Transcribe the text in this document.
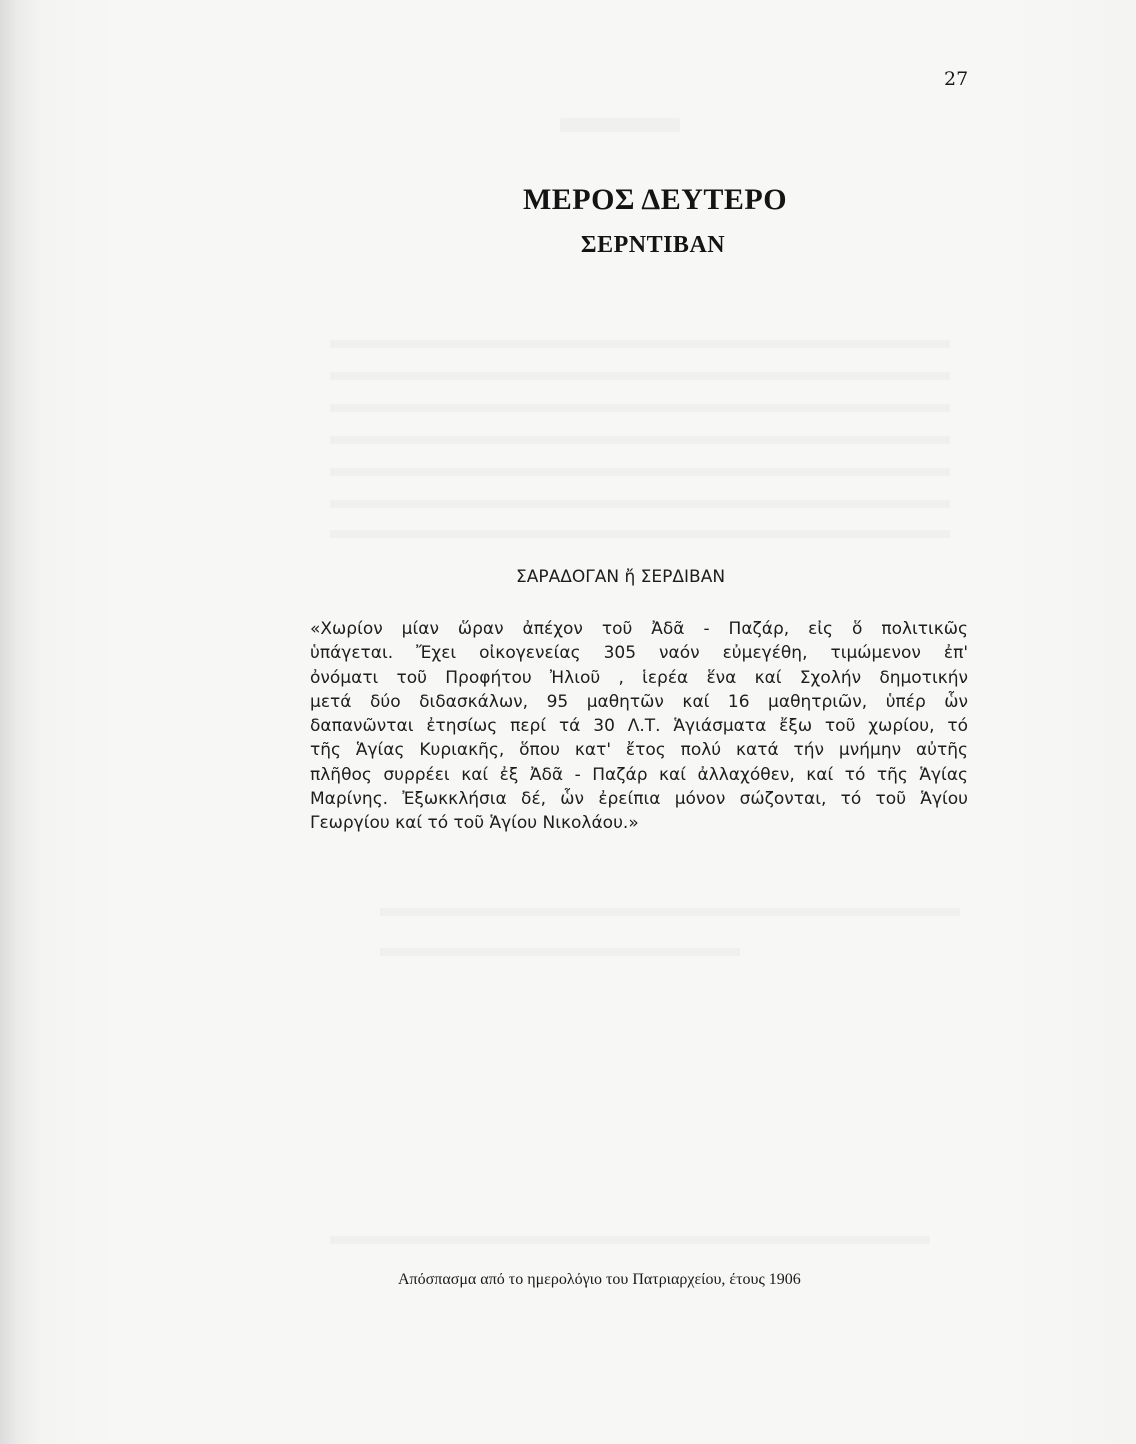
27
ΜΕΡΟΣ ΔΕΥΤΕΡΟ
ΣΕΡΝΤΙΒΑΝ
ΣΑΡΑΔΟΓΑΝ ἤ ΣΕΡΔΙΒΑΝ
«Χωρίον μίαν ὥραν ἀπέχον τοῦ Ἀδᾶ - Παζάρ, εἰς ὅ πολιτικῶς
ὑπάγεται. Ἔχει οἰκογενείας 305 ναόν εὐμεγέθη, τιμώμενον ἐπ'
ὀνόματι τοῦ Προφήτου Ἠλιοῦ , ἱερέα ἕνα καί Σχολήν δημοτικήν
μετά δύο διδασκάλων, 95 μαθητῶν καί 16 μαθητριῶν, ὑπέρ ὧν
δαπανῶνται ἐτησίως περί τά 30 Λ.Τ. Ἁγιάσματα ἔξω τοῦ χωρίου, τό
τῆς Ἁγίας Κυριακῆς, ὅπου κατ' ἔτος πολύ κατά τήν μνήμην αὐτῆς
πλῆθος συρρέει καί ἐξ Ἀδᾶ - Παζάρ καί ἀλλαχόθεν, καί τό τῆς Ἁγίας
Μαρίνης. Ἐξωκκλήσια δέ, ὧν ἐρείπια μόνον σώζονται, τό τοῦ Ἁγίου
Γεωργίου καί τό τοῦ Ἁγίου Νικολάου.»
Απόσπασμα από το ημερολόγιο του Πατριαρχείου, έτους 1906
